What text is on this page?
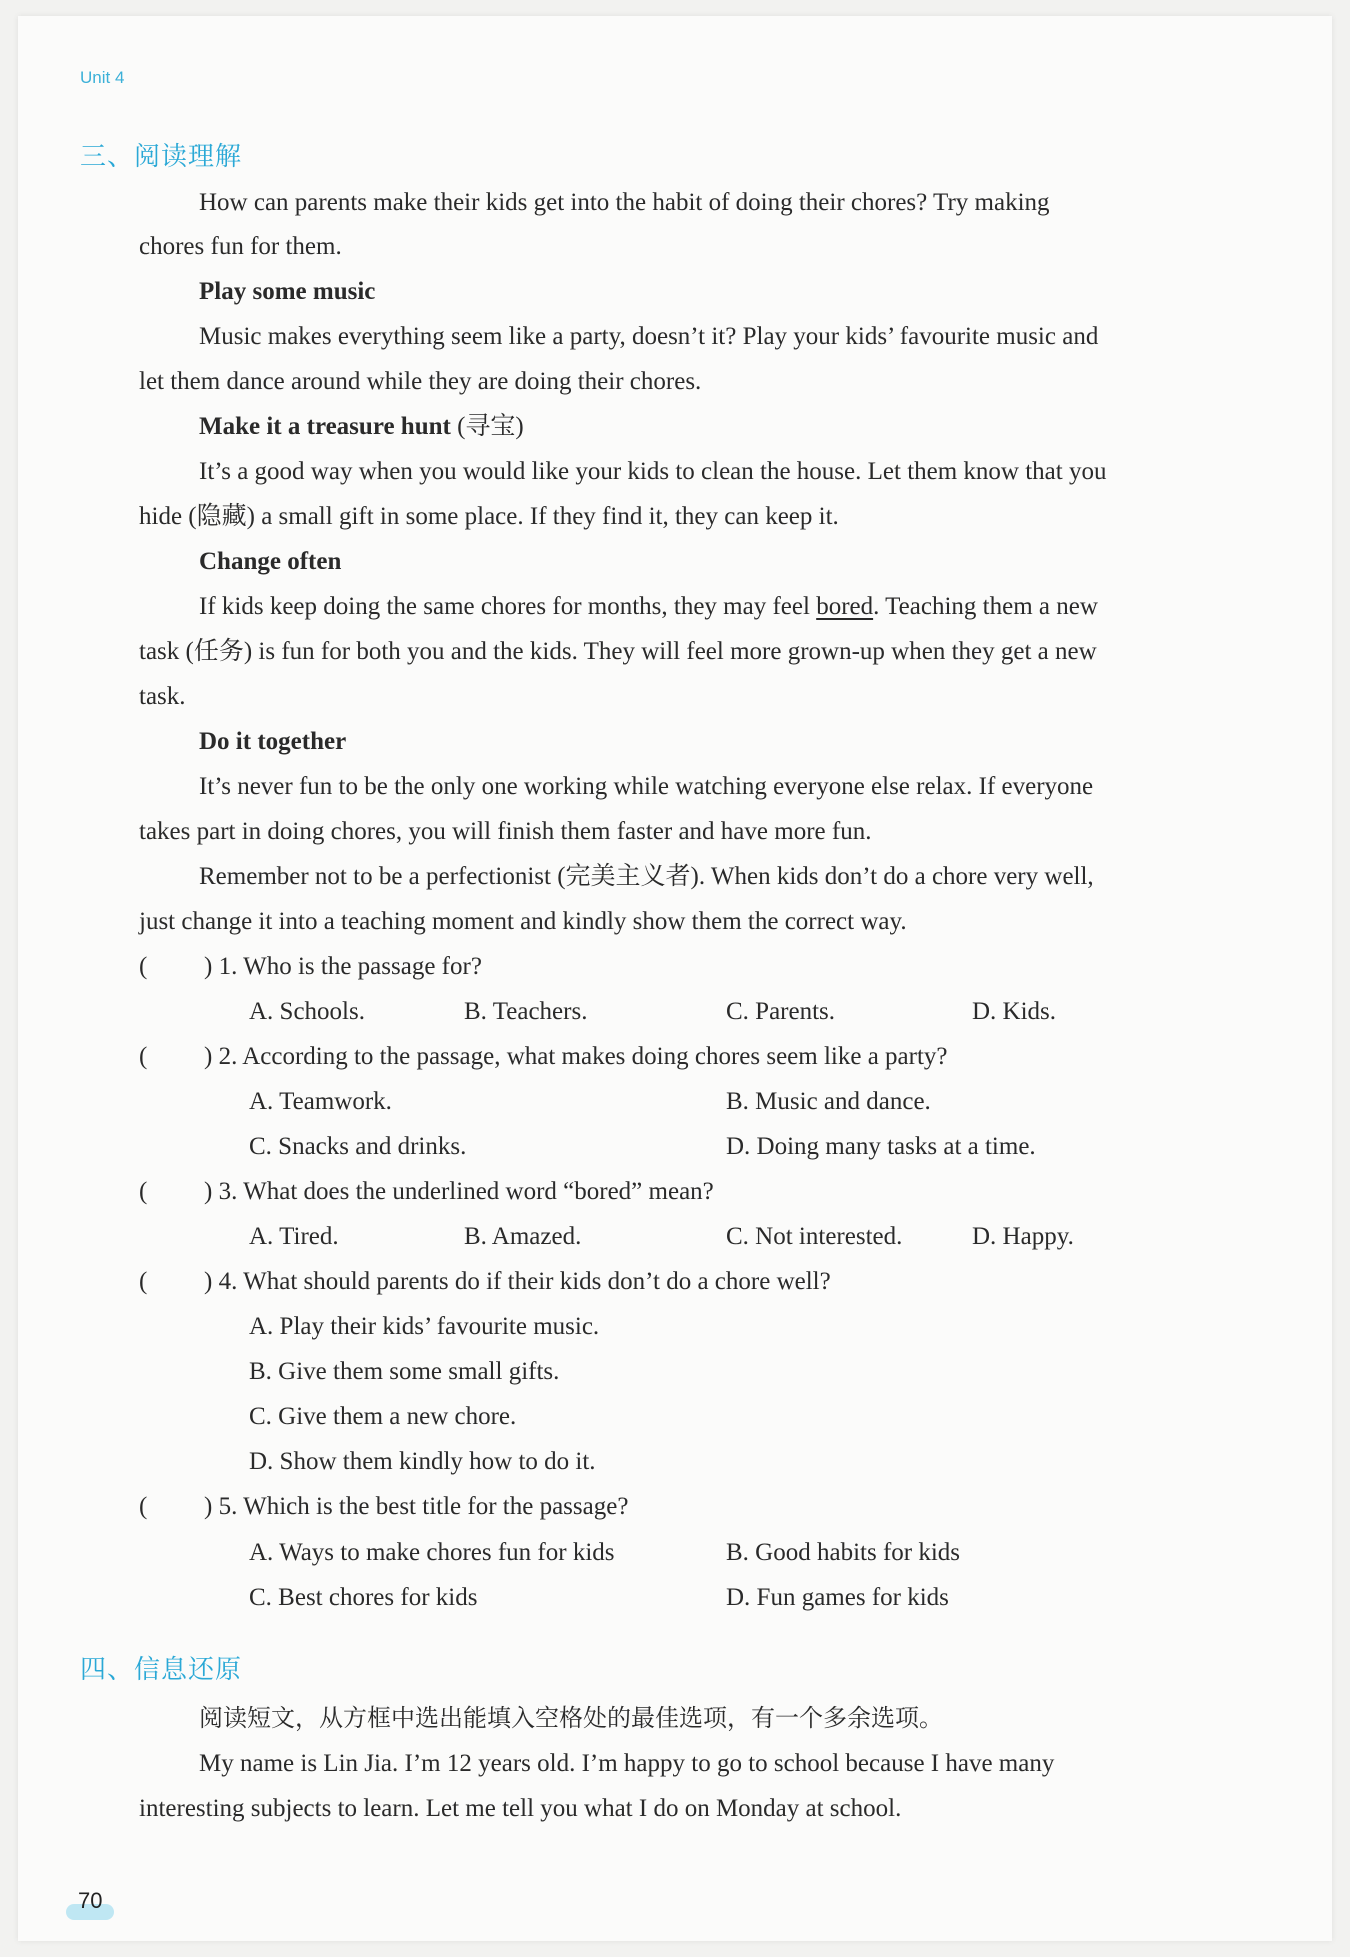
Unit 4
三、阅读理解
How can parents make their kids get into the habit of doing their chores? Try making
chores fun for them.
Play some music
Music makes everything seem like a party, doesn’t it? Play your kids’ favourite music and
let them dance around while they are doing their chores.
Make it a treasure hunt (寻宝)
It’s a good way when you would like your kids to clean the house. Let them know that you
hide (隐藏) a small gift in some place. If they find it, they can keep it.
Change often
If kids keep doing the same chores for months, they may feel bored. Teaching them a new
task (任务) is fun for both you and the kids. They will feel more grown-up when they get a new
task.
Do it together
It’s never fun to be the only one working while watching everyone else relax. If everyone
takes part in doing chores, you will finish them faster and have more fun.
Remember not to be a perfectionist (完美主义者). When kids don’t do a chore very well,
just change it into a teaching moment and kindly show them the correct way.
( ) 1. Who is the passage for?
A. Schools.	B. Teachers.	C. Parents.	D. Kids.
( ) 2. According to the passage, what makes doing chores seem like a party?
A. Teamwork.	B. Music and dance.
C. Snacks and drinks.	D. Doing many tasks at a time.
( ) 3. What does the underlined word “bored” mean?
A. Tired.	B. Amazed.	C. Not interested.	D. Happy.
( ) 4. What should parents do if their kids don’t do a chore well?
A. Play their kids’ favourite music.
B. Give them some small gifts.
C. Give them a new chore.
D. Show them kindly how to do it.
( ) 5. Which is the best title for the passage?
A. Ways to make chores fun for kids	B. Good habits for kids
C. Best chores for kids	D. Fun games for kids
四、信息还原
阅读短文，从方框中选出能填入空格处的最佳选项，有一个多余选项。
My name is Lin Jia. I’m 12 years old. I’m happy to go to school because I have many
interesting subjects to learn. Let me tell you what I do on Monday at school.
70
